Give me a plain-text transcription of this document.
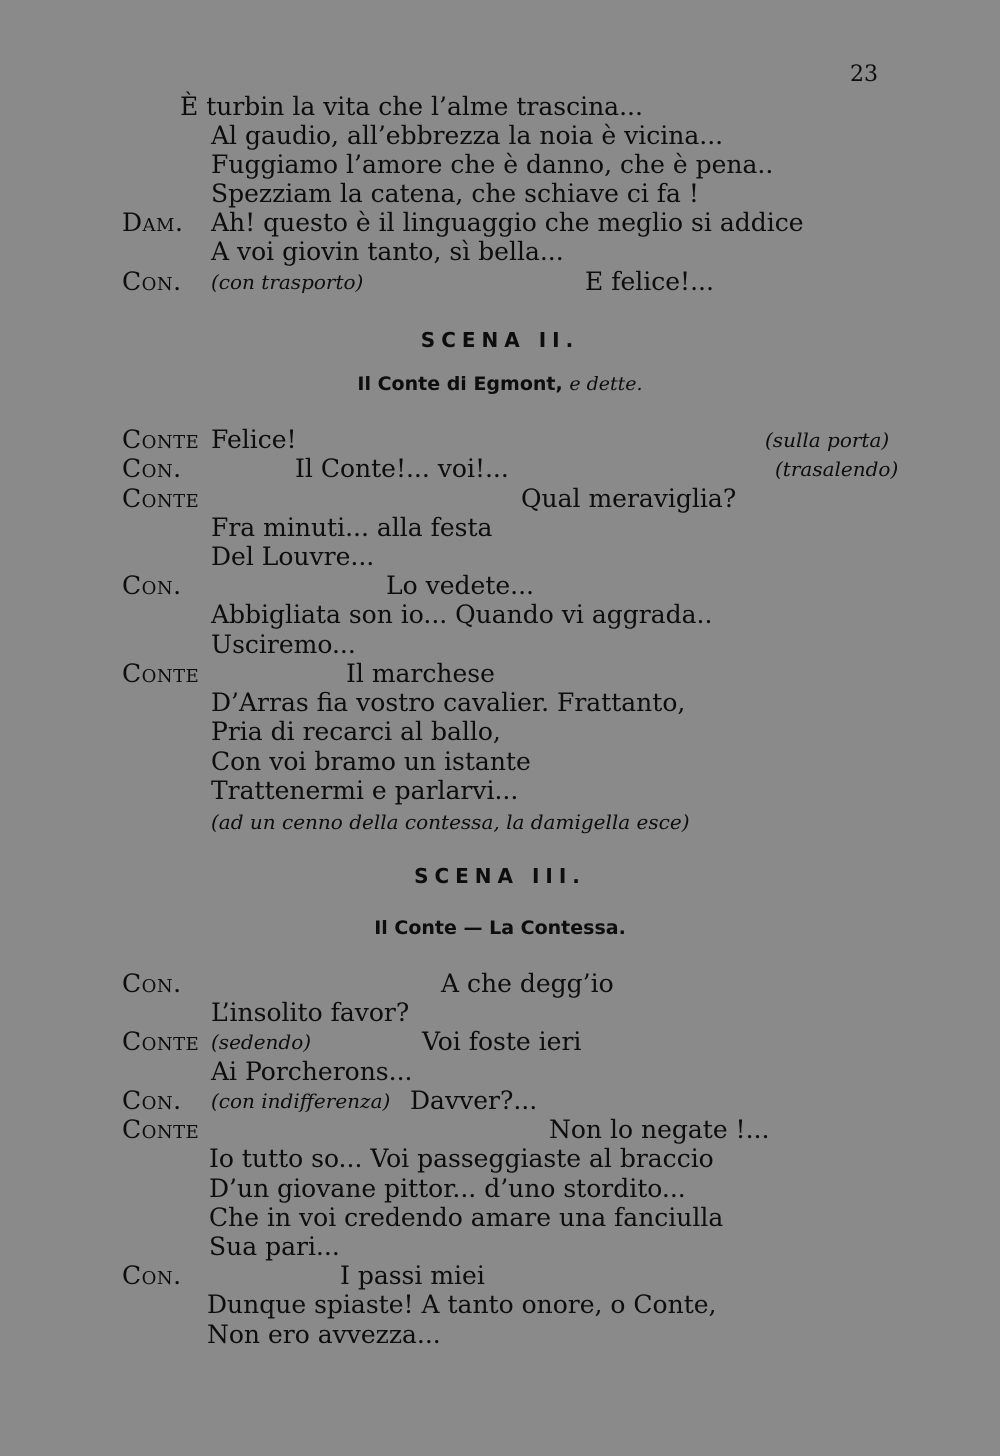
23
È turbin la vita che l’alme trascina...
Al gaudio, all’ebbrezza la noia è vicina...
Fuggiamo l’amore che è danno, che è pena..
Spezziam la catena, che schiave ci fa !
Dam. Ah! questo è il linguaggio che meglio si addice
A voi giovin tanto, sì bella...
Con. (con trasporto)	E felice!...
SCENA II.
Il Conte di Egmont, e dette.
Conte Felice!	(sulla porta)
Con.	Il Conte!... voi!...	(trasalendo)
Conte	Qual meraviglia?
Fra minuti... alla festa
Del Louvre...
Con.	Lo vedete...
Abbigliata son io... Quando vi aggrada..
Usciremo...
Conte	Il marchese
D’Arras fia vostro cavalier. Frattanto,
Pria di recarci al ballo,
Con voi bramo un istante
Trattenermi e parlarvi...
(ad un cenno della contessa, la damigella esce)
SCENA III.
Il Conte — La Contessa.
Con.	A che degg’io
L’insolito favor?
Conte (sedendo)	Voi foste ieri
Ai Porcherons...
Con. (con indifferenza) Davver?...
Conte	Non lo negate !...
Io tutto so... Voi passeggiaste al braccio
D’un giovane pittor... d’uno stordito...
Che in voi credendo amare una fanciulla
Sua pari...
Con.	I passi miei
Dunque spiaste! A tanto onore, o Conte,
Non ero avvezza...
